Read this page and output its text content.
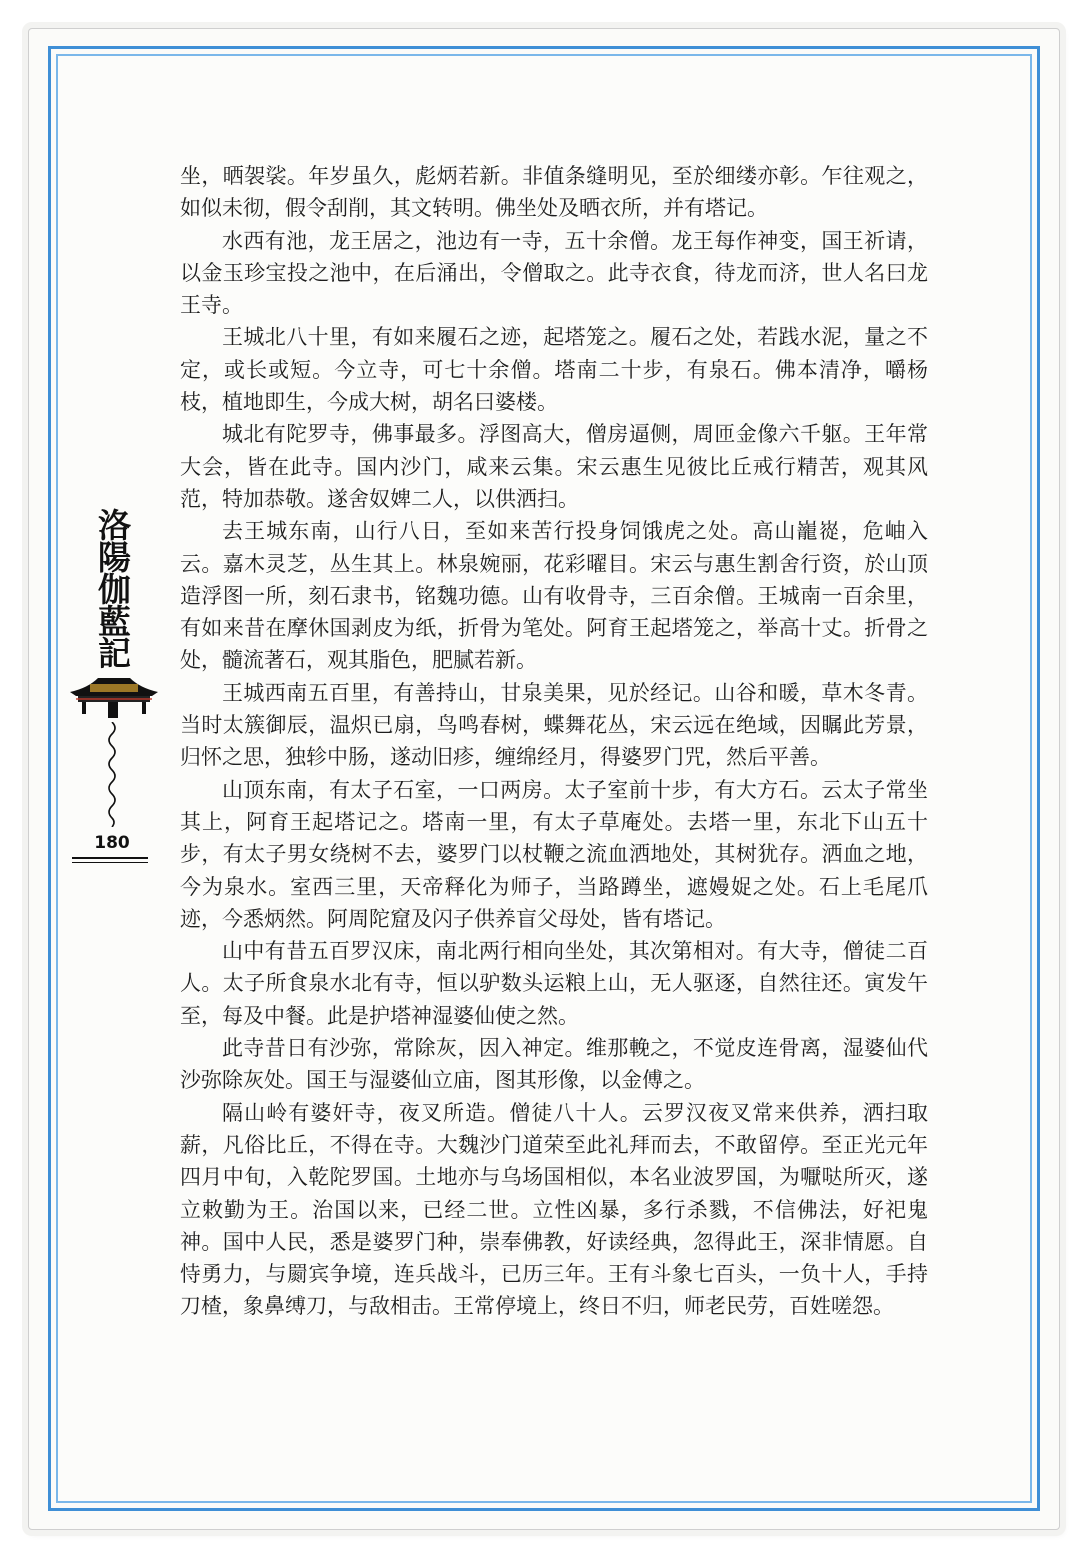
洛陽伽藍記
180

坐，晒袈裟。年岁虽久，彪炳若新。非值条缝明见，至於细缕亦彰。乍往观之，如似未彻，假令刮削，其文转明。佛坐处及晒衣所，并有塔记。

水西有池，龙王居之，池边有一寺，五十余僧。龙王每作神变，国王祈请，以金玉珍宝投之池中，在后涌出，令僧取之。此寺衣食，待龙而济，世人名曰龙王寺。

王城北八十里，有如来履石之迹，起塔笼之。履石之处，若践水泥，量之不定，或长或短。今立寺，可七十余僧。塔南二十步，有泉石。佛本清净，嚼杨枝，植地即生，今成大树，胡名曰婆楼。

城北有陀罗寺，佛事最多。浮图高大，僧房逼侧，周匝金像六千躯。王年常大会，皆在此寺。国内沙门，咸来云集。宋云惠生见彼比丘戒行精苦，观其风范，特加恭敬。遂舍奴婢二人，以供洒扫。

去王城东南，山行八日，至如来苦行投身饲饿虎之处。高山巃嵸，危岫入云。嘉木灵芝，丛生其上。林泉婉丽，花彩曜目。宋云与惠生割舍行资，於山顶造浮图一所，刻石隶书，铭魏功德。山有收骨寺，三百余僧。王城南一百余里，有如来昔在摩休国剥皮为纸，折骨为笔处。阿育王起塔笼之，举高十丈。折骨之处，髓流著石，观其脂色，肥腻若新。

王城西南五百里，有善持山，甘泉美果，见於经记。山谷和暖，草木冬青。当时太簇御辰，温炽已扇，鸟鸣春树，蝶舞花丛，宋云远在绝域，因瞩此芳景，归怀之思，独轸中肠，遂动旧疹，缠绵经月，得婆罗门咒，然后平善。

山顶东南，有太子石室，一口两房。太子室前十步，有大方石。云太子常坐其上，阿育王起塔记之。塔南一里，有太子草庵处。去塔一里，东北下山五十步，有太子男女绕树不去，婆罗门以杖鞭之流血洒地处，其树犹存。洒血之地，今为泉水。室西三里，天帝释化为师子，当路蹲坐，遮嫚娖之处。石上毛尾爪迹，今悉炳然。阿周陀窟及闪子供养盲父母处，皆有塔记。

山中有昔五百罗汉床，南北两行相向坐处，其次第相对。有大寺，僧徒二百人。太子所食泉水北有寺，恒以驴数头运粮上山，无人驱逐，自然往还。寅发午至，每及中餐。此是护塔神湿婆仙使之然。

此寺昔日有沙弥，常除灰，因入神定。维那輓之，不觉皮连骨离，湿婆仙代沙弥除灰处。国王与湿婆仙立庙，图其形像，以金傅之。

隔山岭有婆奸寺，夜叉所造。僧徒八十人。云罗汉夜叉常来供养，洒扫取薪，凡俗比丘，不得在寺。大魏沙门道荣至此礼拜而去，不敢留停。至正光元年四月中旬，入乾陀罗国。土地亦与乌场国相似，本名业波罗国，为嚈哒所灭，遂立敕勤为王。治国以来，已经二世。立性凶暴，多行杀戮，不信佛法，好祀鬼神。国中人民，悉是婆罗门种，崇奉佛教，好读经典，忽得此王，深非情愿。自恃勇力，与罽宾争境，连兵战斗，已历三年。王有斗象七百头，一负十人，手持刀楂，象鼻缚刀，与敌相击。王常停境上，终日不归，师老民劳，百姓嗟怨。
